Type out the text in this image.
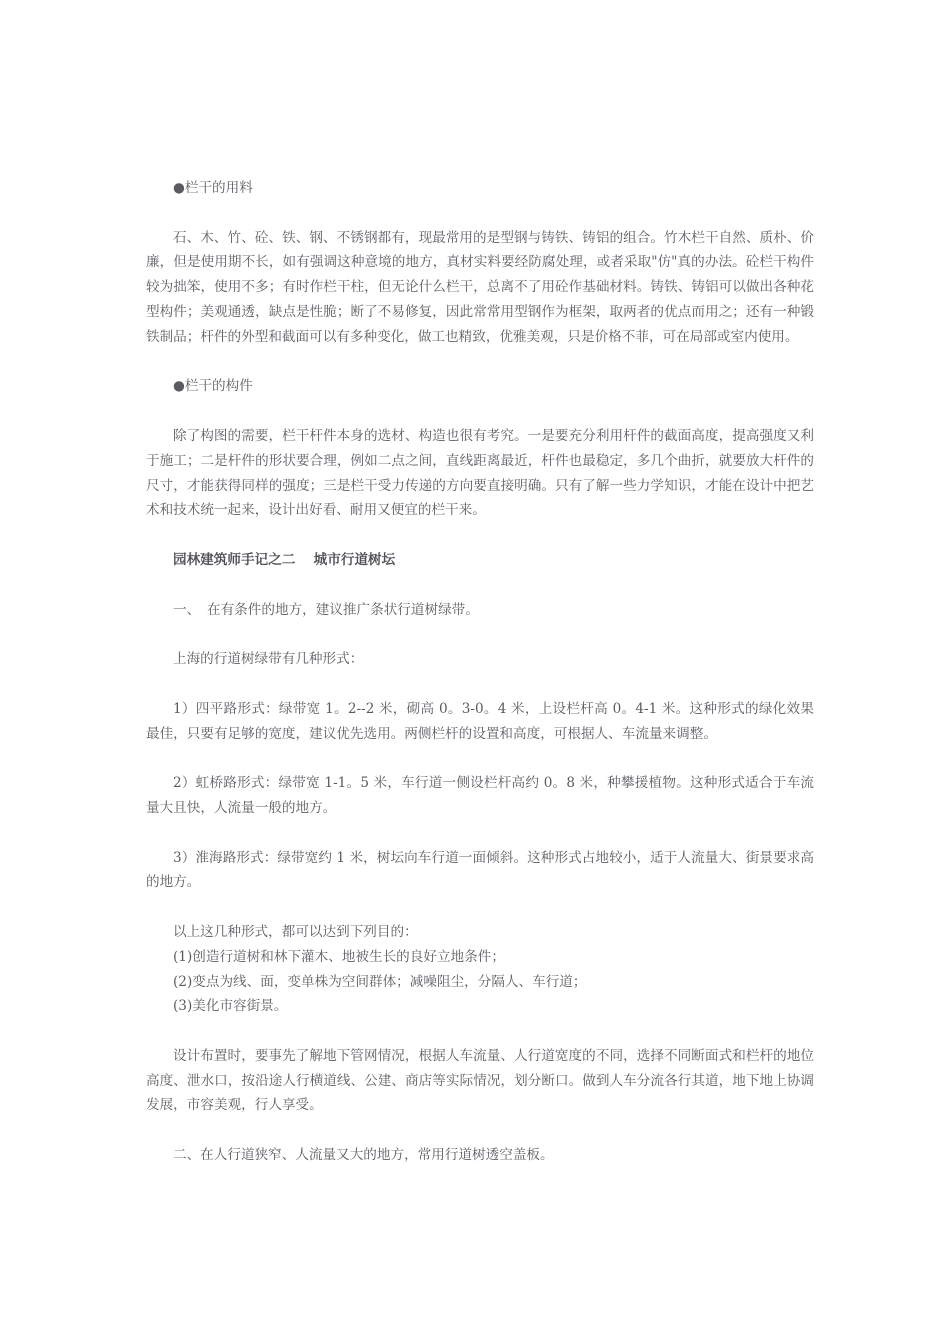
●栏干的用料

石、木、竹、砼、铁、钢、不锈钢都有，现最常用的是型钢与铸铁、铸铝的组合。竹木栏干自然、质朴、价廉，但是使用期不长，如有强调这种意境的地方，真材实料要经防腐处理，或者采取"仿"真的办法。砼栏干构件较为拙笨，使用不多；有时作栏干柱，但无论什么栏干，总离不了用砼作基础材料。铸铁、铸铝可以做出各种花型构件；美观通透，缺点是性脆；断了不易修复，因此常常用型钢作为框架，取两者的优点而用之；还有一种锻铁制品；杆件的外型和截面可以有多种变化，做工也精致，优雅美观，只是价格不菲，可在局部或室内使用。

●栏干的构件

除了构图的需要，栏干杆件本身的选材、构造也很有考究。一是要充分利用杆件的截面高度，提高强度又利于施工；二是杆件的形状要合理，例如二点之间，直线距离最近，杆件也最稳定，多几个曲折，就要放大杆件的尺寸，才能获得同样的强度；三是栏干受力传递的方向要直接明确。只有了解一些力学知识，才能在设计中把艺术和技术统一起来，设计出好看、耐用又便宜的栏干来。

园林建筑师手记之二　 城市行道树坛

一、　在有条件的地方，建议推广条状行道树绿带。

上海的行道树绿带有几种形式：

1）四平路形式：绿带宽 1。2--2 米，砌高 0。3-0。4 米，上设栏杆高 0。4-1 米。这种形式的绿化效果最佳，只要有足够的宽度，建议优先选用。两侧栏杆的设置和高度，可根据人、车流量来调整。

2）虹桥路形式：绿带宽 1-1。5 米，车行道一侧设栏杆高约 0。8 米，种攀援植物。这种形式适合于车流量大且快，人流量一般的地方。

3）淮海路形式：绿带宽约 1 米，树坛向车行道一面倾斜。这种形式占地较小，适于人流量大、街景要求高的地方。

以上这几种形式，都可以达到下列目的：

(1)创造行道树和林下灌木、地被生长的良好立地条件；

(2)变点为线、面，变单株为空间群体；减噪阻尘，分隔人、车行道；

(3)美化市容街景。

设计布置时，要事先了解地下管网情况，根据人车流量、人行道宽度的不同，选择不同断面式和栏杆的地位高度、泄水口，按沿途人行横道线、公建、商店等实际情况，划分断口。做到人车分流各行其道，地下地上协调发展，市容美观，行人享受。

二、在人行道狭窄、人流量又大的地方，常用行道树透空盖板。
